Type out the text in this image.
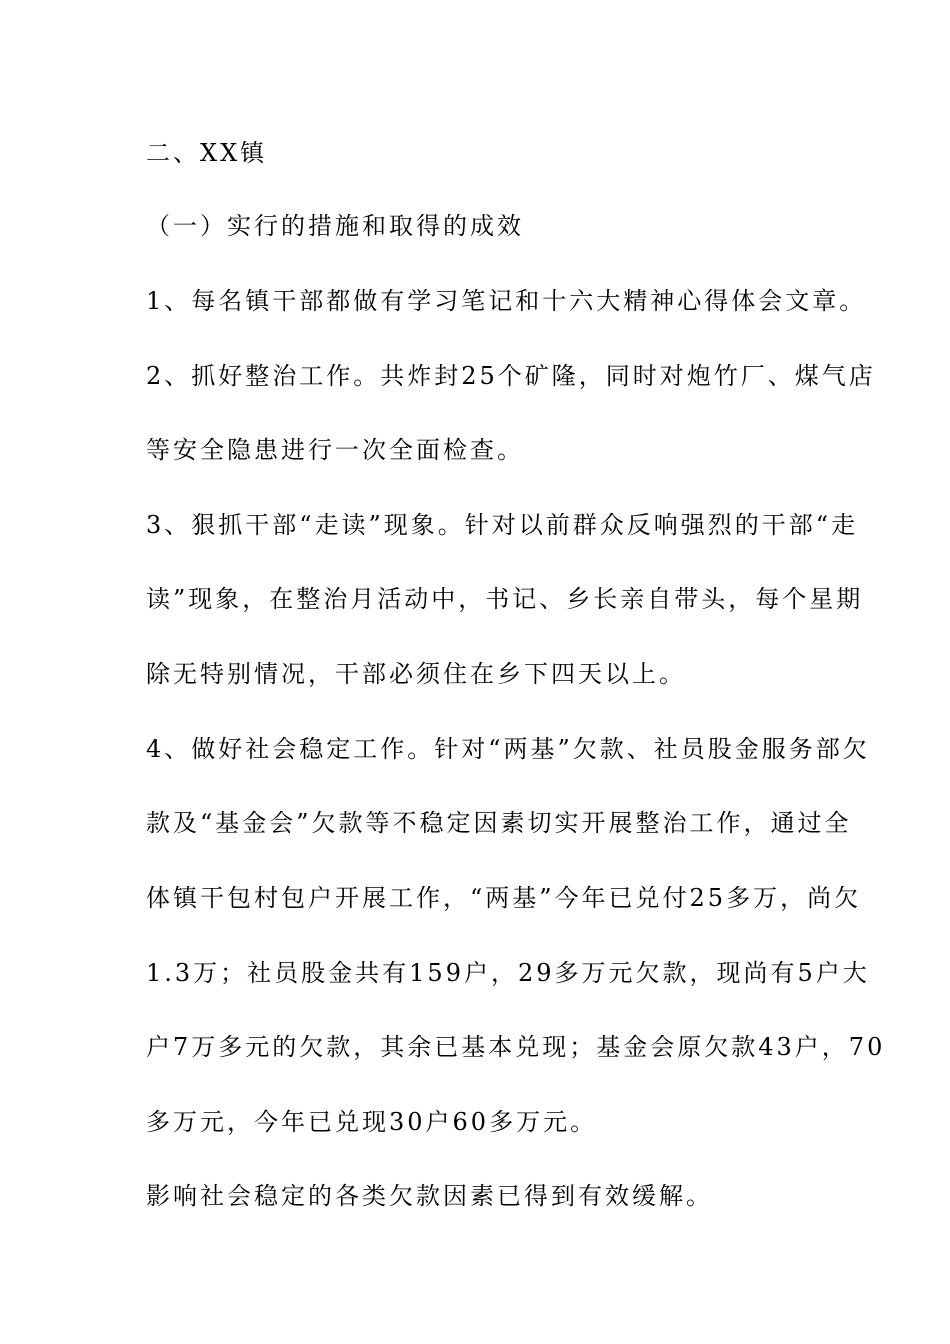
二、XX镇

（一）实行的措施和取得的成效

1、每名镇干部都做有学习笔记和十六大精神心得体会文章。

2、抓好整治工作。共炸封25个矿隆，同时对炮竹厂、煤气店

等安全隐患进行一次全面检查。

3、狠抓干部“走读”现象。针对以前群众反响强烈的干部“走

读”现象，在整治月活动中，书记、乡长亲自带头，每个星期

除无特别情况，干部必须住在乡下四天以上。

4、做好社会稳定工作。针对“两基”欠款、社员股金服务部欠

款及“基金会”欠款等不稳定因素切实开展整治工作，通过全

体镇干包村包户开展工作，“两基”今年已兑付25多万，尚欠

1.3万；社员股金共有159户，29多万元欠款，现尚有5户大

户7万多元的欠款，其余已基本兑现；基金会原欠款43户，70

多万元，今年已兑现30户60多万元。

影响社会稳定的各类欠款因素已得到有效缓解。
